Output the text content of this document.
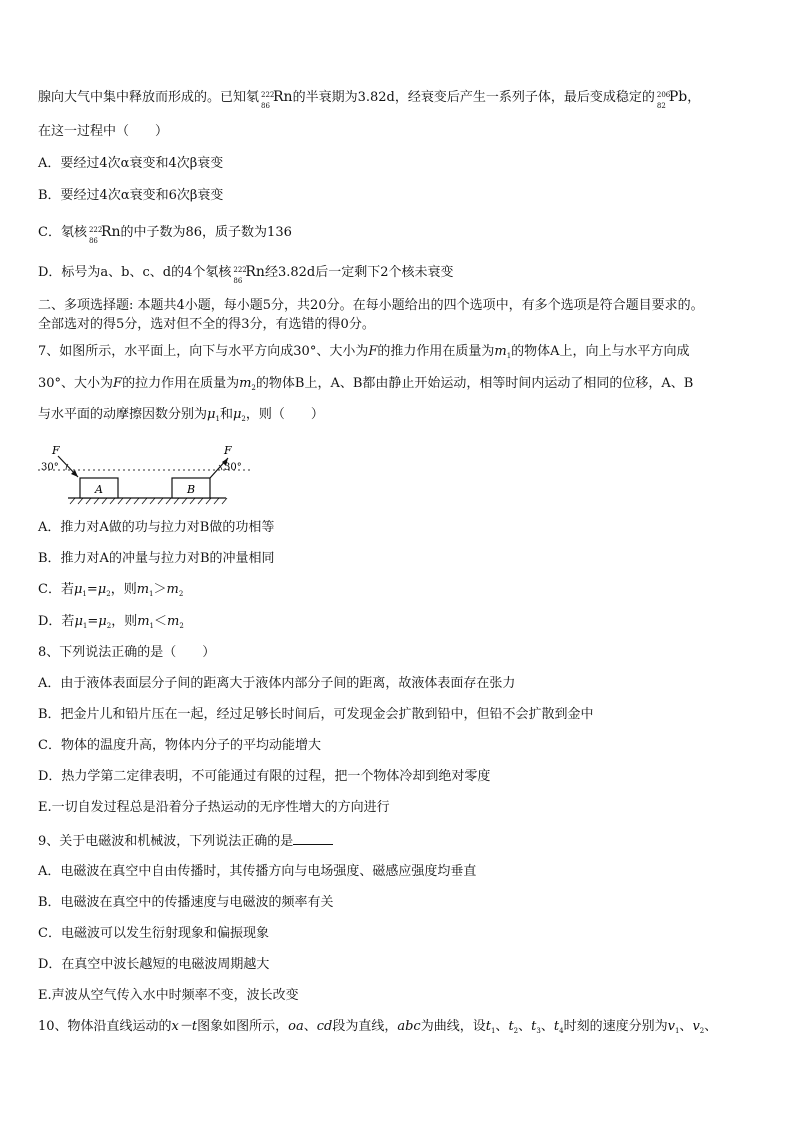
腺向大气中集中释放而形成的。已知氡 222
86
Rn的半衰期为3.82d，经衰变后产生一系列子体，最后变成稳定的 206
82
Pb，
在这一过程中（　　）
A．要经过4次α衰变和4次β衰变
B．要经过4次α衰变和6次β衰变
C．氡核 222
86
Rn的中子数为86，质子数为136
D．标号为a、b、c、d的4个氡核 222
86
Rn经3.82d后一定剩下2个核未衰变
二、多项选择题: 本题共4小题，每小题5分，共20分。在每小题给出的四个选项中，有多个选项是符合题目要求的。
全部选对的得5分，选对但不全的得3分，有选错的得0分。
7、如图所示，水平面上，向下与水平方向成30°、大小为F的推力作用在质量为$m_1$的物体A上，向上与水平方向成
30°、大小为F的拉力作用在质量为$m_2$的物体B上，A、B都由静止开始运动，相等时间内运动了相同的位移，A、B
与水平面的动摩擦因数分别为$\mu_1$和$\mu_2$，则（　　）
A	B
F
30°
F
30°
A．推力对A做的功与拉力对B做的功相等
B．推力对A的冲量与拉力对B的冲量相同
C．若$\mu_1=\mu_2$，则$m_1>m_2$
D．若$\mu_1=\mu_2$，则$m_1<m_2$
8、下列说法正确的是（　　）
A．由于液体表面层分子间的距离大于液体内部分子间的距离，故液体表面存在张力
B．把金片儿和铅片压在一起，经过足够长时间后，可发现金会扩散到铅中，但铅不会扩散到金中
C．物体的温度升高，物体内分子的平均动能增大
D．热力学第二定律表明，不可能通过有限的过程，把一个物体冷却到绝对零度
E.一切自发过程总是沿着分子热运动的无序性增大的方向进行
9、关于电磁波和机械波，下列说法正确的是
A．电磁波在真空中自由传播时，其传播方向与电场强度、磁感应强度均垂直
B．电磁波在真空中的传播速度与电磁波的频率有关
C．电磁波可以发生衍射现象和偏振现象
D．在真空中波长越短的电磁波周期越大
E.声波从空气传入水中时频率不变，波长改变
10、物体沿直线运动的x－t图象如图所示，oa、cd段为直线，abc为曲线，设$t_1$、$t_2$、$t_3$、$t_4$时刻的速度分别为$v_1$、$v_2$、
